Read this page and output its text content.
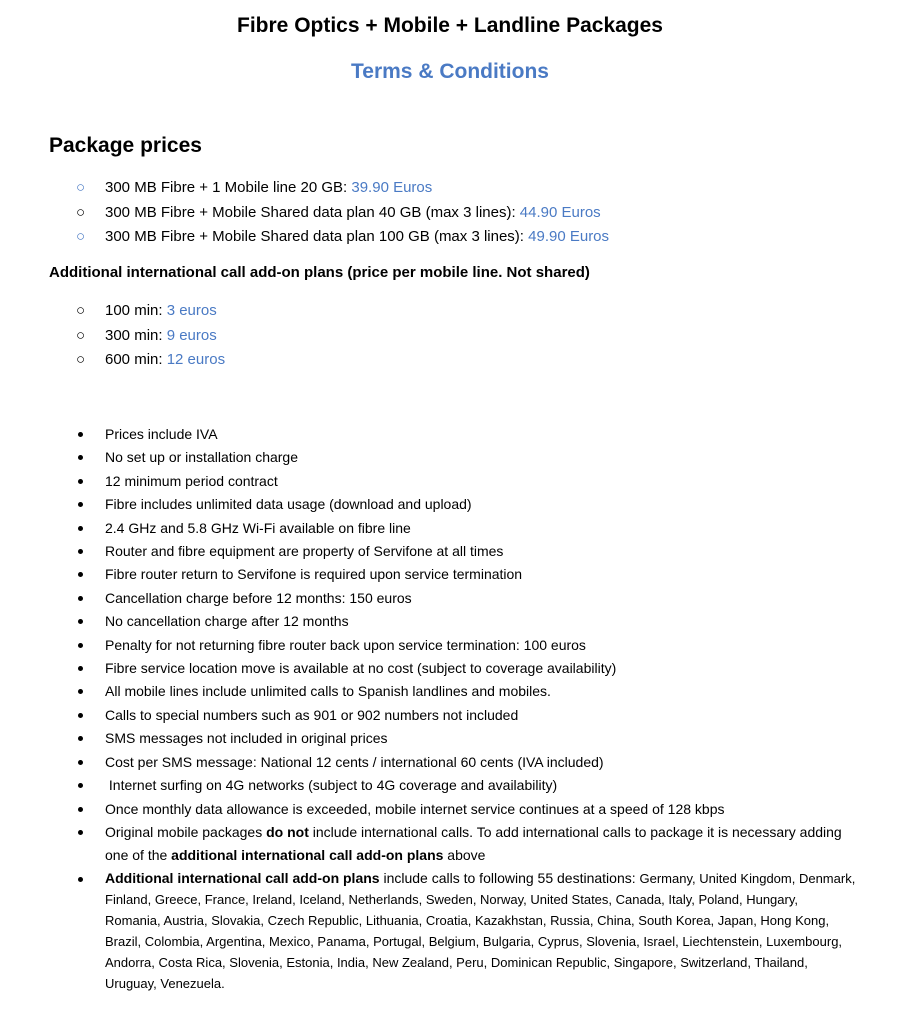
Fibre Optics + Mobile + Landline Packages
Terms & Conditions
Package prices
○ 300 MB Fibre + 1 Mobile line 20 GB: 39.90 Euros
○ 300 MB Fibre + Mobile Shared data plan 40 GB (max 3 lines): 44.90 Euros
○ 300 MB Fibre + Mobile Shared data plan 100 GB (max 3 lines): 49.90 Euros
Additional international call add-on plans (price per mobile line. Not shared)
○ 100 min: 3 euros
○ 300 min: 9 euros
○ 600 min: 12 euros
Prices include IVA
No set up or installation charge
12 minimum period contract
Fibre includes unlimited data usage (download and upload)
2.4 GHz and 5.8 GHz Wi-Fi available on fibre line
Router and fibre equipment are property of Servifone at all times
Fibre router return to Servifone is required upon service termination
Cancellation charge before 12 months: 150 euros
No cancellation charge after 12 months
Penalty for not returning fibre router back upon service termination: 100 euros
Fibre service location move is available at no cost (subject to coverage availability)
All mobile lines include unlimited calls to Spanish landlines and mobiles.
Calls to special numbers such as 901 or 902 numbers not included
SMS messages not included in original prices
Cost per SMS message: National 12 cents / international 60 cents (IVA included)
Internet surfing on 4G networks (subject to 4G coverage and availability)
Once monthly data allowance is exceeded, mobile internet service continues at a speed of 128 kbps
Original mobile packages do not include international calls. To add international calls to package it is necessary adding one of the additional international call add-on plans above
Additional international call add-on plans include calls to following 55 destinations: Germany, United Kingdom, Denmark, Finland, Greece, France, Ireland, Iceland, Netherlands, Sweden, Norway, United States, Canada, Italy, Poland, Hungary, Romania, Austria, Slovakia, Czech Republic, Lithuania, Croatia, Kazakhstan, Russia, China, South Korea, Japan, Hong Kong, Brazil, Colombia, Argentina, Mexico, Panama, Portugal, Belgium, Bulgaria, Cyprus, Slovenia, Israel, Liechtenstein, Luxembourg, Andorra, Costa Rica, Slovenia, Estonia, India, New Zealand, Peru, Dominican Republic, Singapore, Switzerland, Thailand, Uruguay, Venezuela.
